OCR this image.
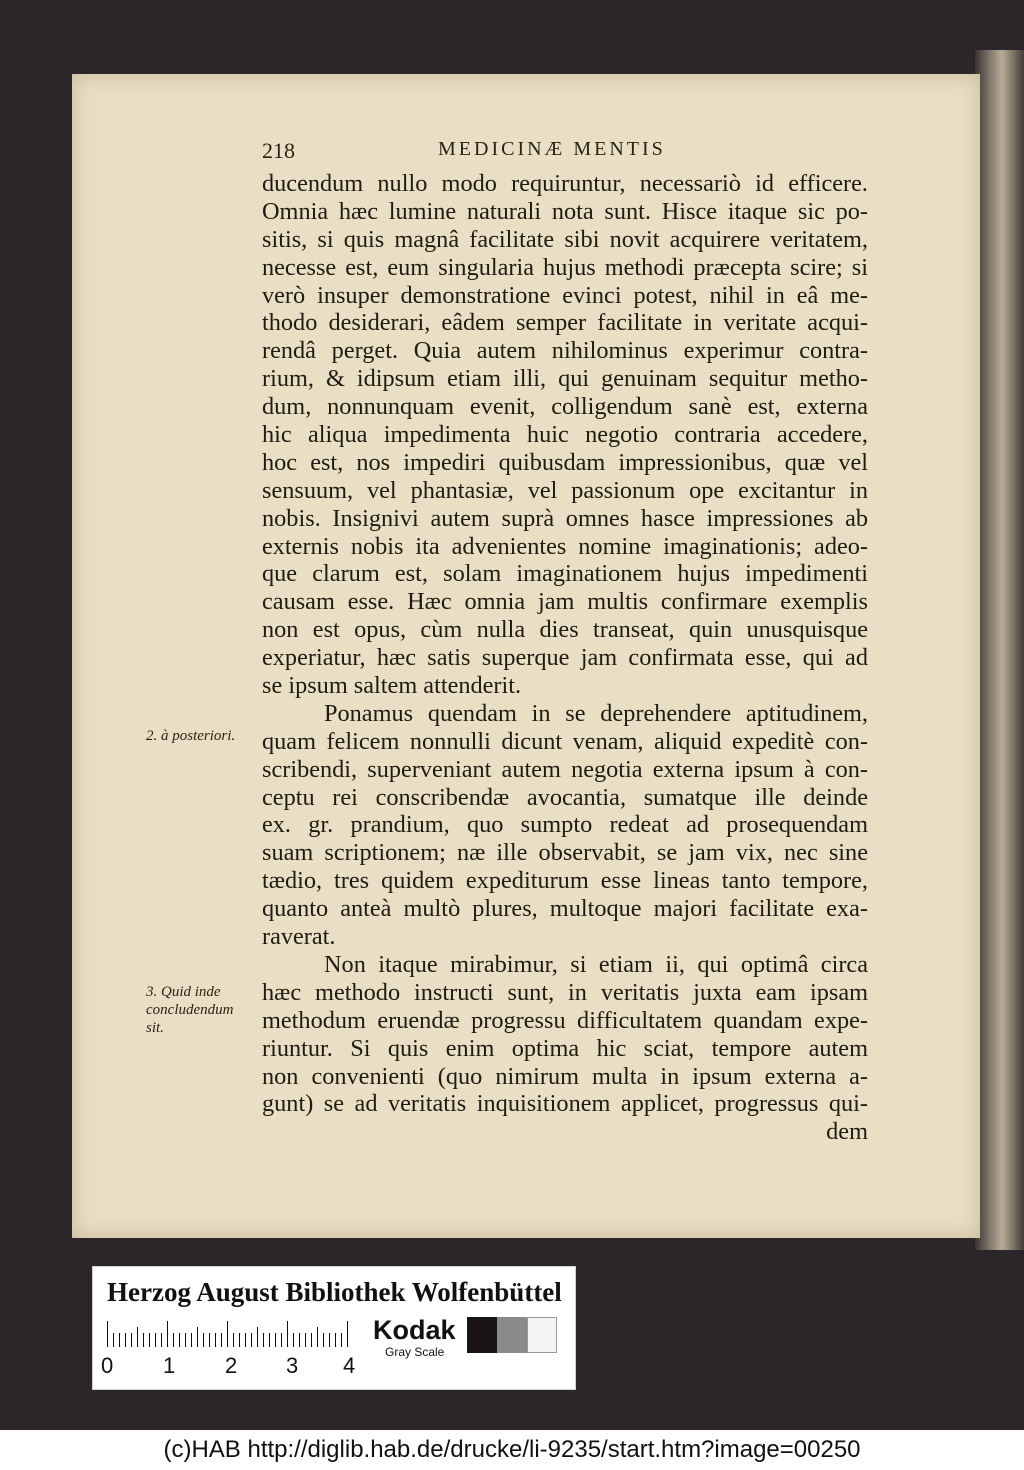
218	MEDICINÆ MENTIS
ducendum nullo modo requiruntur, necessariò id efficere.
Omnia hæc lumine naturali nota sunt. Hisce itaque sic po-
sitis, si quis magnâ facilitate sibi novit acquirere veritatem,
necesse est, eum singularia hujus methodi præcepta scire; si
verò insuper demonstratione evinci potest, nihil in eâ me-
thodo desiderari, eâdem semper facilitate in veritate acqui-
rendâ perget. Quia autem nihilominus experimur contra-
rium, & idipsum etiam illi, qui genuinam sequitur metho-
dum, nonnunquam evenit, colligendum sanè est, externa
hic aliqua impedimenta huic negotio contraria accedere,
hoc est, nos impediri quibusdam impressionibus, quæ vel
sensuum, vel phantasiæ, vel passionum ope excitantur in
nobis. Insignivi autem suprà omnes hasce impressiones ab
externis nobis ita advenientes nomine imaginationis; adeo-
que clarum est, solam imaginationem hujus impedimenti
causam esse. Hæc omnia jam multis confirmare exemplis
non est opus, cùm nulla dies transeat, quin unusquisque
experiatur, hæc satis superque jam confirmata esse, qui ad
se ipsum saltem attenderit.
Ponamus quendam in se deprehendere aptitudinem,
quam felicem nonnulli dicunt venam, aliquid expeditè con-
scribendi, superveniant autem negotia externa ipsum à con-
ceptu rei conscribendæ avocantia, sumatque ille deinde
ex. gr. prandium, quo sumpto redeat ad prosequendam
suam scriptionem; næ ille observabit, se jam vix, nec sine
tædio, tres quidem expediturum esse lineas tanto tempore,
quanto anteà multò plures, multoque majori facilitate exa-
raverat.
Non itaque mirabimur, si etiam ii, qui optimâ circa
hæc methodo instructi sunt, in veritatis juxta eam ipsam
methodum eruendæ progressu difficultatem quandam expe-
riuntur. Si quis enim optima hic sciat, tempore autem
non convenienti (quo nimirum multa in ipsum externa a-
gunt) se ad veritatis inquisitionem applicet, progressus qui-
dem
2. à posteriori.
3. Quid inde
concludendum
sit.
Herzog August Bibliothek Wolfenbüttel
0 1 2 3 4
Kodak
Gray Scale
(c)HAB http://diglib.hab.de/drucke/li-9235/start.htm?image=00250
